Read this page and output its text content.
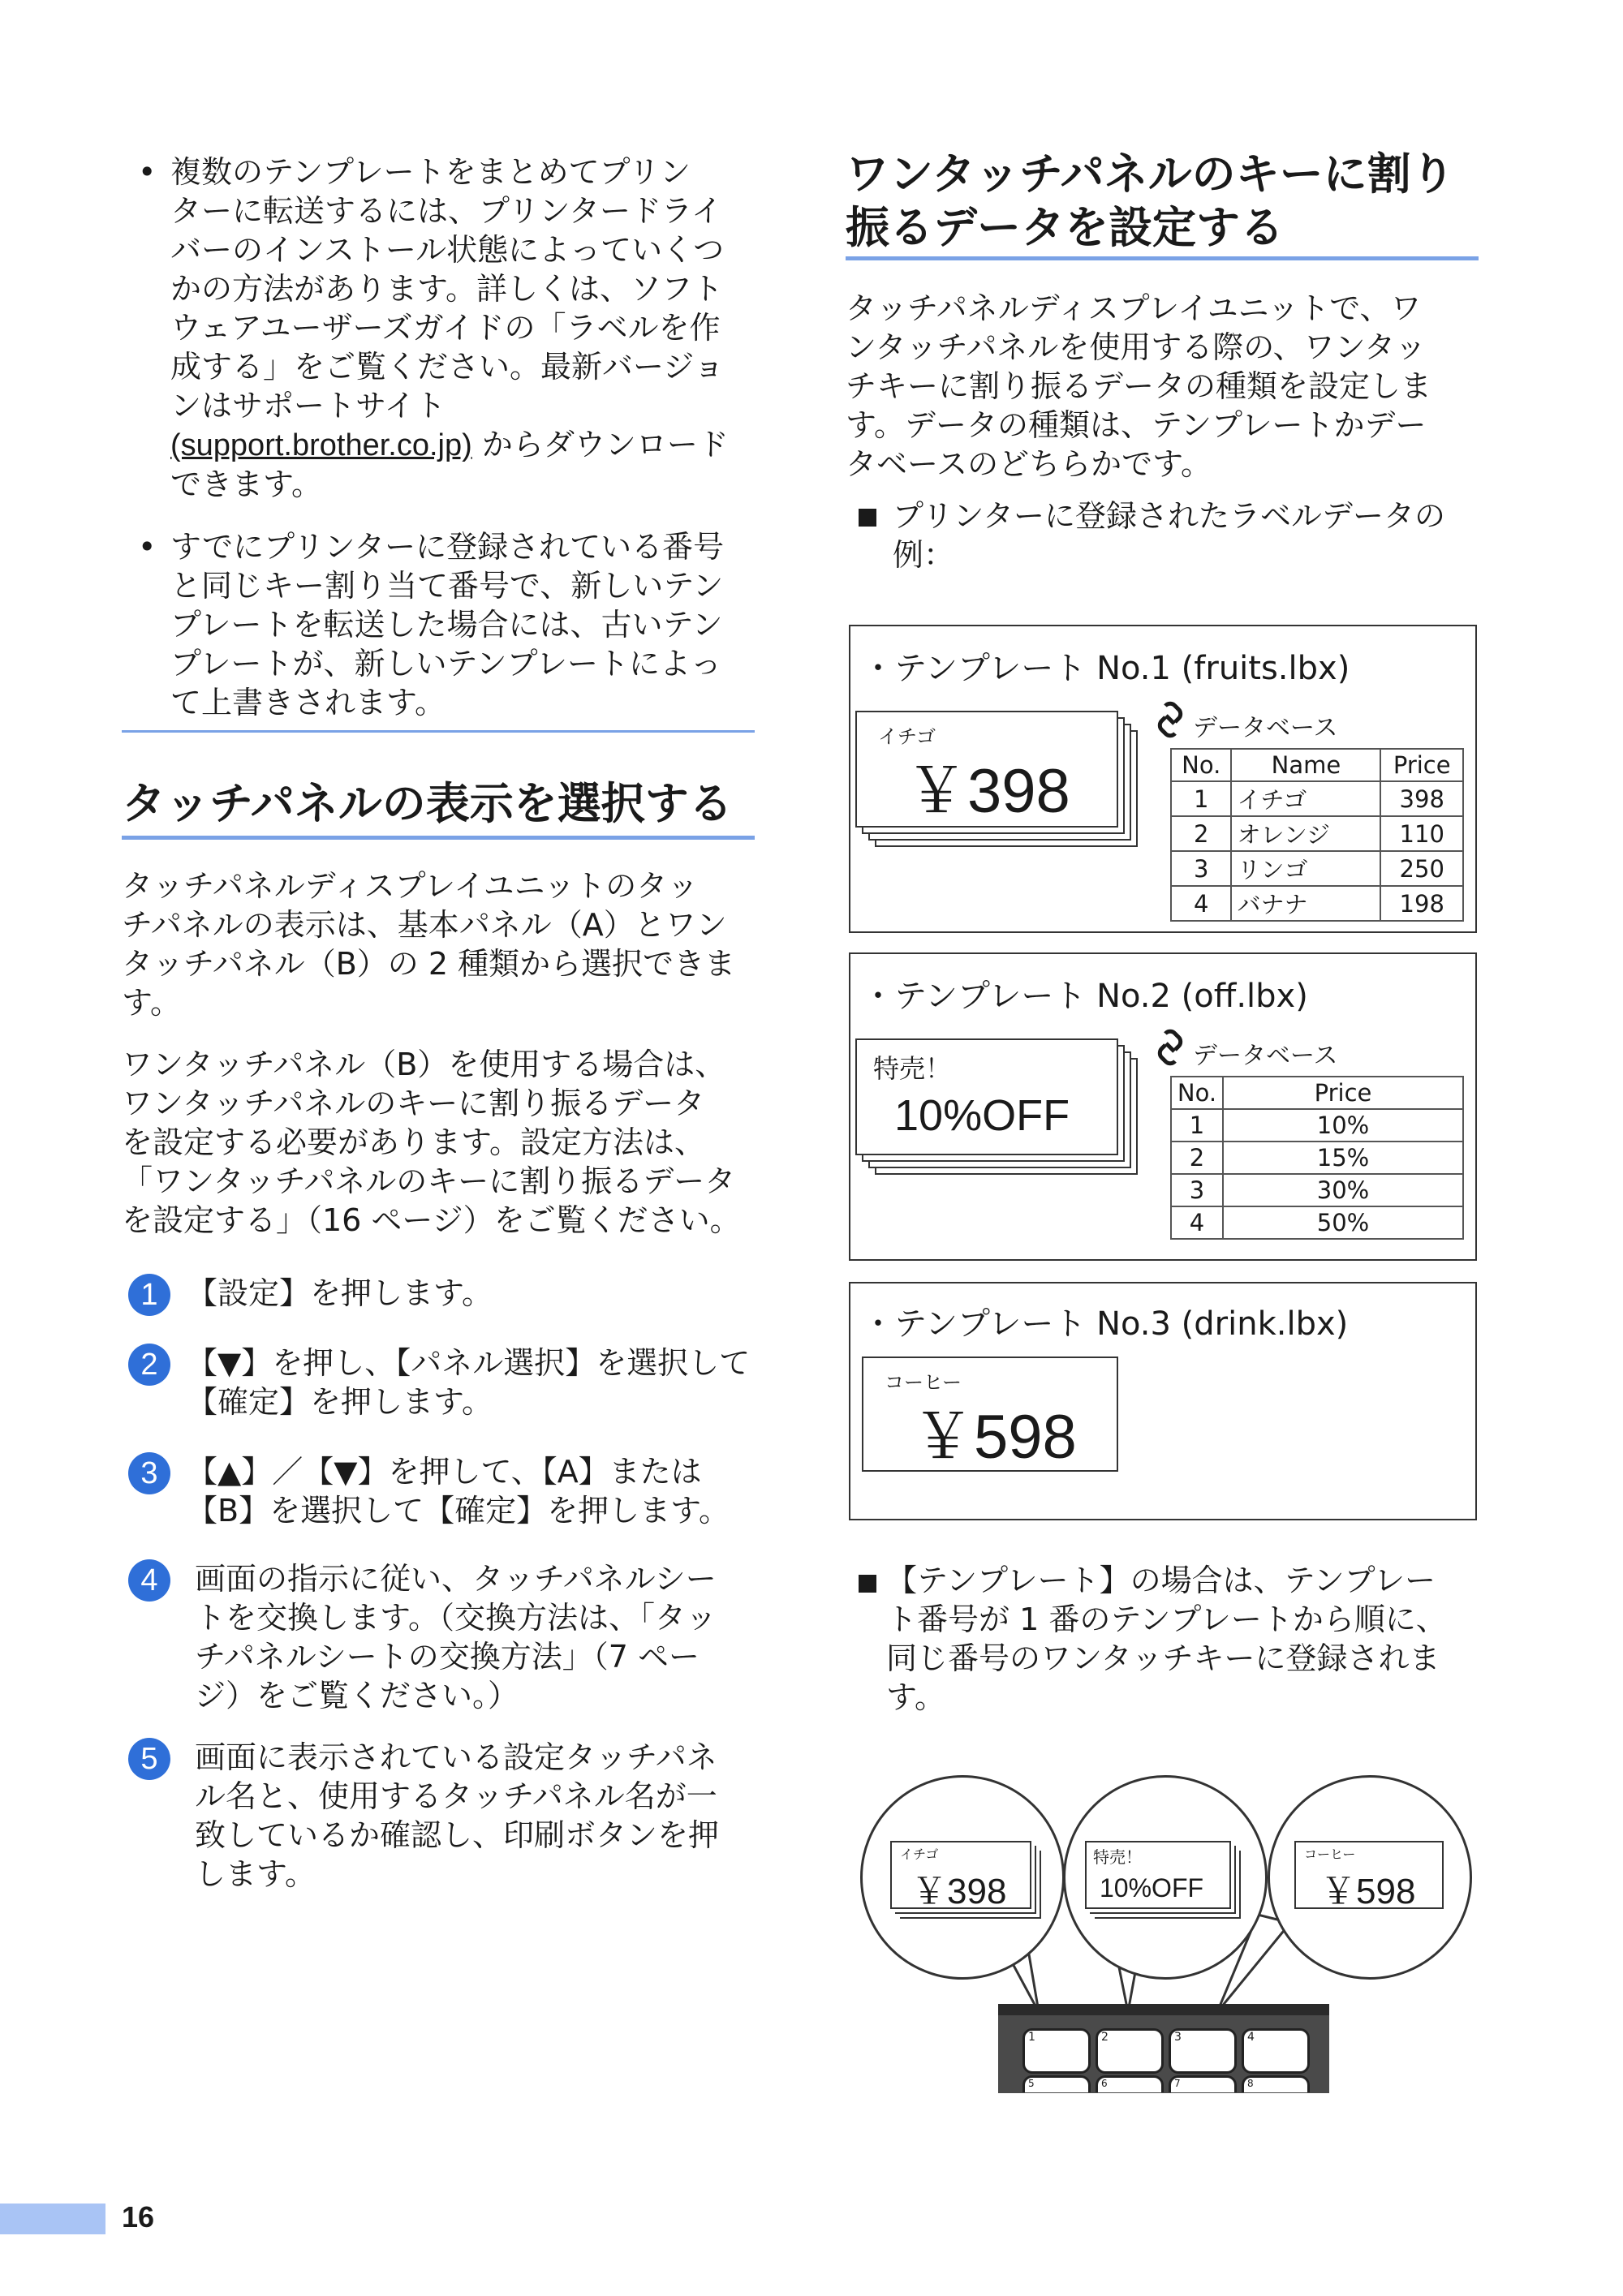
• 複数のテンプレートをまとめてプリン
ターに転送するには、プリンタードライ
バーのインストール状態によっていくつ
かの方法があります。詳しくは、ソフト
ウェアユーザーズガイドの「ラベルを作
成する」をご覧ください。最新バージョ
ンはサポートサイト
(support.brother.co.jp) からダウンロード
できます。
• すでにプリンターに登録されている番号
と同じキー割り当て番号で、新しいテン
プレートを転送した場合には、古いテン
プレートが、新しいテンプレートによっ
て上書きされます。
タッチパネルの表示を選択する
タッチパネルディスプレイユニットのタッ
チパネルの表示は、基本パネル（A）とワン
タッチパネル（B）の 2 種類から選択できま
す。
ワンタッチパネル（B）を使用する場合は、
ワンタッチパネルのキーに割り振るデータ
を設定する必要があります。設定方法は、
「ワンタッチパネルのキーに割り振るデータ
を設定する」（16 ページ）をご覧ください。
1 【設定】を押します。
2 【▼】を押し、【パネル選択】を選択して
【確定】を押します。
3 【▲】／【▼】を押して、【A】または
【B】を選択して【確定】を押します。
4	画面の指示に従い、タッチパネルシー
トを交換します。（交換方法は、「タッ
チパネルシートの交換方法」（7 ペー
ジ）をご覧ください。）
5	画面に表示されている設定タッチパネ
ル名と、使用するタッチパネル名が一
致しているか確認し、印刷ボタンを押
します。
ワンタッチパネルのキーに割り
振るデータを設定する
タッチパネルディスプレイユニットで、ワ
ンタッチパネルを使用する際の、ワンタッ
チキーに割り振るデータの種類を設定しま
す。データの種類は、テンプレートかデー
タベースのどちらかです。
プリンターに登録されたラベルデータの
例：
・テンプレート No.1 (fruits.lbx)
イチゴ
￥398
データベース
No.	Name	Price
1	イチゴ	398
2	オレンジ	110
3	リンゴ	250
4	バナナ	198
・テンプレート No.2 (off.lbx)
特売！
10%OFF
データベース
No.	Price
1	10%
2	15%
3	30%
4	50%
・テンプレート No.3 (drink.lbx)
コーヒー
￥598
【テンプレート】の場合は、テンプレー
ト番号が 1 番のテンプレートから順に、
同じ番号のワンタッチキーに登録されま
す。
イチゴ
￥398
特売！
10%OFF
コーヒー
￥598
1	2	3	4
5	6	7	8
16
